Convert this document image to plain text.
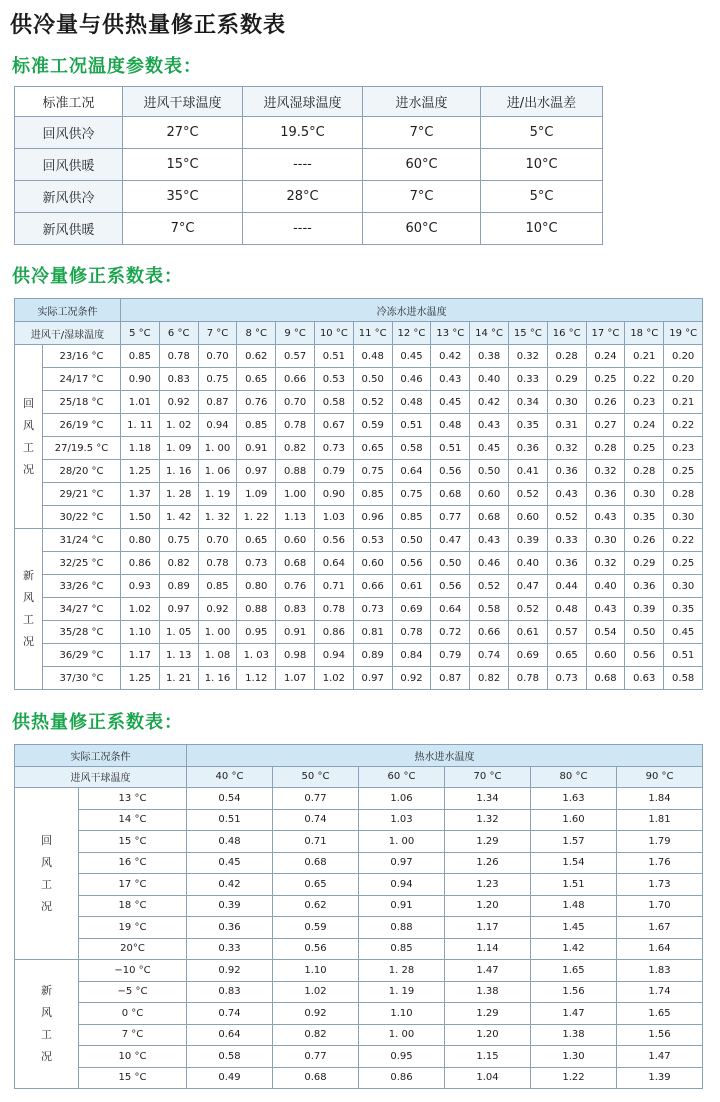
供冷量与供热量修正系数表
标准工况温度参数表：
供冷量修正系数表：
供热量修正系数表：
标准工况	进风干球温度	进风湿球温度	进水温度	进/出水温差
回风供冷	27°C	19.5°C	7°C	5°C
回风供暖	15°C	----	60°C	10°C
新风供冷	35°C	28°C	7°C	5°C
新风供暖	7°C	----	60°C	10°C
实际工况条件		冷冻水进水温度														
进风干/湿球温度		5 °C	6 °C	7 °C	8 °C	9 °C	10 °C	11 °C	12 °C	13 °C	14 °C	15 °C	16 °C	17 °C	18 °C	19 °C

回
风
工
况	23/16 °C	0.85	0.78	0.70	0.62	0.57	0.51	0.48	0.45	0.42	0.38	0.32	0.28	0.24	0.21	0.20
	24/17 °C	0.90	0.83	0.75	0.65	0.66	0.53	0.50	0.46	0.43	0.40	0.33	0.29	0.25	0.22	0.20
	25/18 °C	1.01	0.92	0.87	0.76	0.70	0.58	0.52	0.48	0.45	0.42	0.34	0.30	0.26	0.23	0.21
	26/19 °C	1. 11	1. 02	0.94	0.85	0.78	0.67	0.59	0.51	0.48	0.43	0.35	0.31	0.27	0.24	0.22
	27/19.5 °C	1.18	1. 09	1. 00	0.91	0.82	0.73	0.65	0.58	0.51	0.45	0.36	0.32	0.28	0.25	0.23
	28/20 °C	1.25	1. 16	1. 06	0.97	0.88	0.79	0.75	0.64	0.56	0.50	0.41	0.36	0.32	0.28	0.25
	29/21 °C	1.37	1. 28	1. 19	1.09	1.00	0.90	0.85	0.75	0.68	0.60	0.52	0.43	0.36	0.30	0.28
	30/22 °C	1.50	1. 42	1. 32	1. 22	1.13	1.03	0.96	0.85	0.77	0.68	0.60	0.52	0.43	0.35	0.30

新
风
工
况	31/24 °C	0.80	0.75	0.70	0.65	0.60	0.56	0.53	0.50	0.47	0.43	0.39	0.33	0.30	0.26	0.22
	32/25 °C	0.86	0.82	0.78	0.73	0.68	0.64	0.60	0.56	0.50	0.46	0.40	0.36	0.32	0.29	0.25
	33/26 °C	0.93	0.89	0.85	0.80	0.76	0.71	0.66	0.61	0.56	0.52	0.47	0.44	0.40	0.36	0.30
	34/27 °C	1.02	0.97	0.92	0.88	0.83	0.78	0.73	0.69	0.64	0.58	0.52	0.48	0.43	0.39	0.35
	35/28 °C	1.10	1. 05	1. 00	0.95	0.91	0.86	0.81	0.78	0.72	0.66	0.61	0.57	0.54	0.50	0.45
	36/29 °C	1.17	1. 13	1. 08	1. 03	0.98	0.94	0.89	0.84	0.79	0.74	0.69	0.65	0.60	0.56	0.51
	37/30 °C	1.25	1. 21	1. 16	1.12	1.07	1.02	0.97	0.92	0.87	0.82	0.78	0.73	0.68	0.63	0.58
实际工况条件		热水进水温度					
进风干球温度		40 °C	50 °C	60 °C	70 °C	80 °C	90 °C

回
风
工
况	13 °C	0.54	0.77	1.06	1.34	1.63	1.84
	14 °C	0.51	0.74	1.03	1.32	1.60	1.81
	15 °C	0.48	0.71	1. 00	1.29	1.57	1.79
	16 °C	0.45	0.68	0.97	1.26	1.54	1.76
	17 °C	0.42	0.65	0.94	1.23	1.51	1.73
	18 °C	0.39	0.62	0.91	1.20	1.48	1.70
	19 °C	0.36	0.59	0.88	1.17	1.45	1.67
	20°C	0.33	0.56	0.85	1.14	1.42	1.64

新
风
工
况	−10 °C	0.92	1.10	1. 28	1.47	1.65	1.83
	−5 °C	0.83	1.02	1. 19	1.38	1.56	1.74
	0 °C	0.74	0.92	1.10	1.29	1.47	1.65
	7 °C	0.64	0.82	1. 00	1.20	1.38	1.56
	10 °C	0.58	0.77	0.95	1.15	1.30	1.47
	15 °C	0.49	0.68	0.86	1.04	1.22	1.39
